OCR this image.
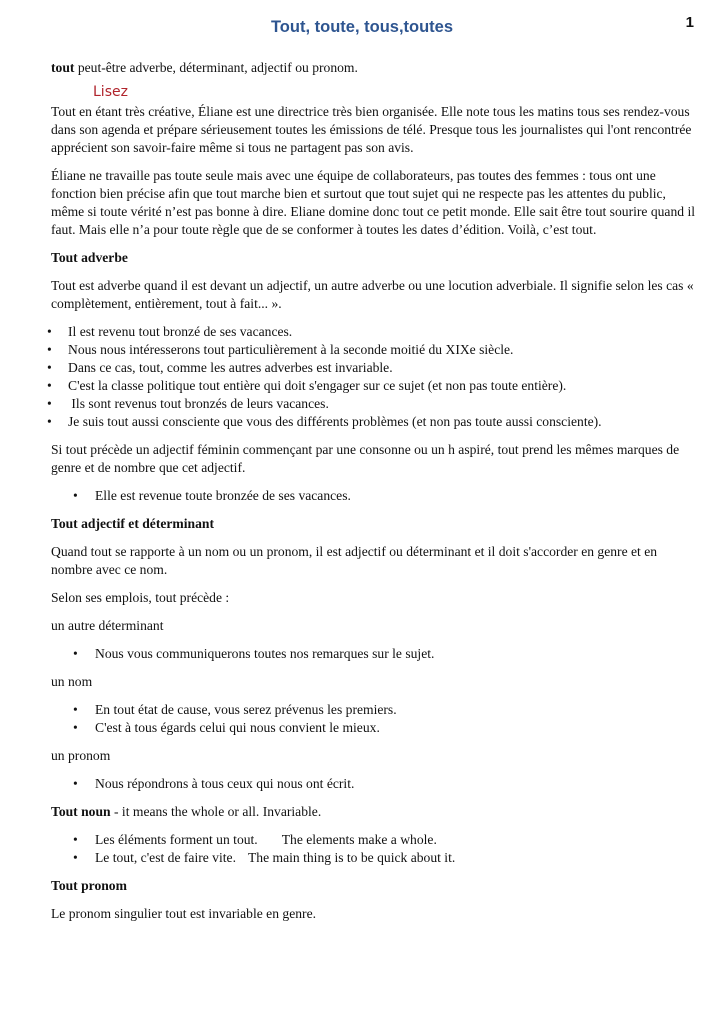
1
Tout, toute, tous,toutes

tout peut-être adverbe, déterminant, adjectif ou pronom.

Lisez

Tout en étant très créative, Éliane est une directrice très bien organisée. Elle note tous les matins tous ses rendez-vous dans son agenda et prépare sérieusement toutes les émissions de télé. Presque tous les journalistes qui l'ont rencontrée apprécient son savoir-faire même si tous ne partagent pas son avis.

Éliane ne travaille pas toute seule mais avec une équipe de collaborateurs, pas toutes des femmes : tous ont une fonction bien précise afin que tout marche bien et surtout que tout sujet qui ne respecte pas les attentes du public, même si toute vérité n’est pas bonne à dire. Eliane domine donc tout ce petit monde. Elle sait être tout sourire quand il faut. Mais elle n’a pour toute règle que de se conformer à toutes les dates d’édition. Voilà, c’est tout.

Tout adverbe

Tout est adverbe quand il est devant un adjectif, un autre adverbe ou une locution adverbiale. Il signifie selon les cas « complètement, entièrement, tout à fait... ».

• Il est revenu tout bronzé de ses vacances.
• Nous nous intéresserons tout particulièrement à la seconde moitié du XIXe siècle.
• Dans ce cas, tout, comme les autres adverbes est invariable.
• C'est la classe politique tout entière qui doit s'engager sur ce sujet (et non pas toute entière).
•  Ils sont revenus tout bronzés de leurs vacances.
• Je suis tout aussi consciente que vous des différents problèmes (et non pas toute aussi consciente).

Si tout précède un adjectif féminin commençant par une consonne ou un h aspiré, tout prend les mêmes marques de genre et de nombre que cet adjectif.

• Elle est revenue toute bronzée de ses vacances.
Tout adjectif et déterminant

Quand tout se rapporte à un nom ou un pronom, il est adjectif ou déterminant et il doit s'accorder en genre et en nombre avec ce nom.

Selon ses emplois, tout précède :

un autre déterminant

• Nous vous communiquerons toutes nos remarques sur le sujet.

un nom

• En tout état de cause, vous serez prévenus les premiers.
• C'est à tous égards celui qui nous convient le mieux.

un pronom

• Nous répondrons à tous ceux qui nous ont écrit.

Tout noun - it means the whole or all. Invariable.

• Les éléments forment un tout. The elements make a whole.
• Le tout, c'est de faire vite. The main thing is to be quick about it.
Tout pronom

Le pronom singulier tout est invariable en genre.
